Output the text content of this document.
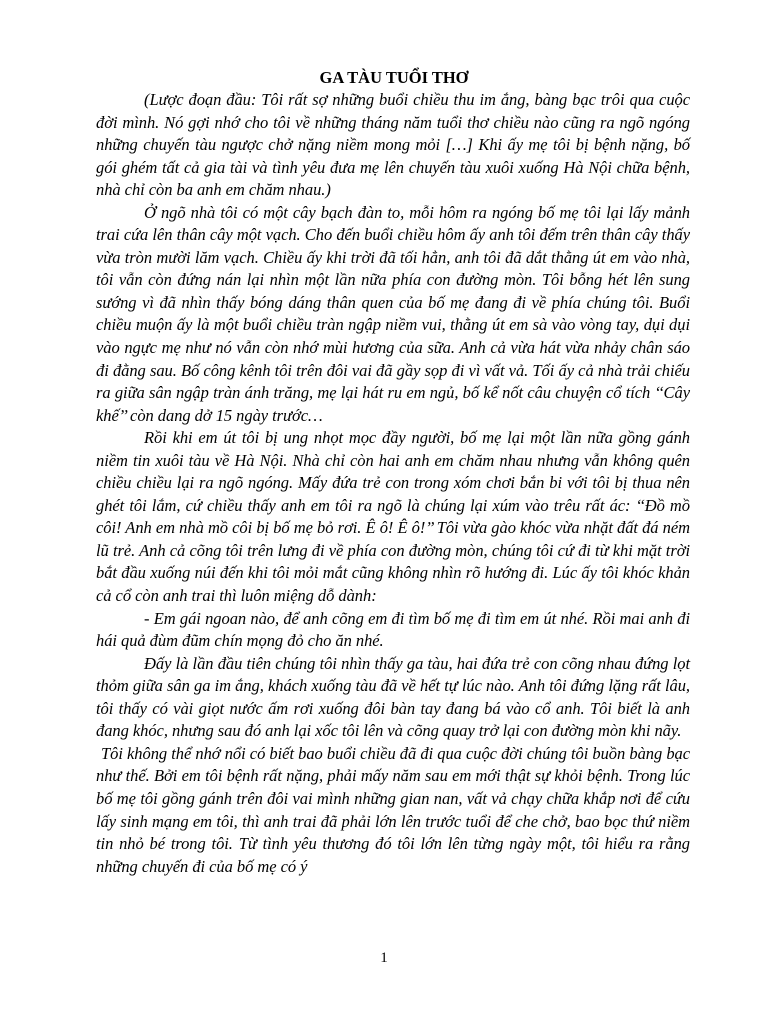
GA TÀU TUỔI THƠ

(Lược đoạn đầu: Tôi rất sợ những buổi chiều thu im ắng, bàng bạc trôi qua cuộc đời mình. Nó gợi nhớ cho tôi về những tháng năm tuổi thơ chiều nào cũng ra ngõ ngóng những chuyến tàu ngược chở nặng niềm mong mỏi […] Khi ấy mẹ tôi bị bệnh nặng, bố gói ghém tất cả gia tài và tình yêu đưa mẹ lên chuyến tàu xuôi xuống Hà Nội chữa bệnh, nhà chỉ còn ba anh em chăm nhau.)

Ở ngõ nhà tôi có một cây bạch đàn to, mỗi hôm ra ngóng bố mẹ tôi lại lấy mảnh trai cứa lên thân cây một vạch. Cho đến buổi chiều hôm ấy anh tôi đếm trên thân cây thấy vừa tròn mười lăm vạch. Chiều ấy khi trời đã tối hẳn, anh tôi đã dắt thằng út em vào nhà, tôi vẫn còn đứng nán lại nhìn một lần nữa phía con đường mòn. Tôi bỗng hét lên sung sướng vì đã nhìn thấy bóng dáng thân quen của bố mẹ đang đi về phía chúng tôi. Buổi chiều muộn ấy là một buổi chiều tràn ngập niềm vui, thằng út em sà vào vòng tay, dụi dụi vào ngực mẹ như nó vẫn còn nhớ mùi hương của sữa. Anh cả vừa hát vừa nhảy chân sáo đi đằng sau. Bố công kênh tôi trên đôi vai đã gầy sọp đi vì vất vả. Tối ấy cả nhà trải chiếu ra giữa sân ngập tràn ánh trăng, mẹ lại hát ru em ngủ, bố kể nốt câu chuyện cổ tích ‘‘Cây khế’’ còn dang dở 15 ngày trước…

Rồi khi em út tôi bị ung nhọt mọc đầy người, bố mẹ lại một lần nữa gồng gánh niềm tin xuôi tàu về Hà Nội. Nhà chỉ còn hai anh em chăm nhau nhưng vẫn không quên chiều chiều lại ra ngõ ngóng. Mấy đứa trẻ con trong xóm chơi bắn bi với tôi bị thua nên ghét tôi lắm, cứ chiều thấy anh em tôi ra ngõ là chúng lại xúm vào trêu rất ác: ‘‘Đồ mồ côi! Anh em nhà mồ côi bị bố mẹ bỏ rơi. Ê ô! Ê ô!’’ Tôi vừa gào khóc vừa nhặt đất đá ném lũ trẻ. Anh cả cõng tôi trên lưng đi về phía con đường mòn, chúng tôi cứ đi từ khi mặt trời bắt đầu xuống núi đến khi tôi mỏi mắt cũng không nhìn rõ hướng đi. Lúc ấy tôi khóc khản cả cổ còn anh trai thì luôn miệng dỗ dành:

- Em gái ngoan nào, để anh cõng em đi tìm bố mẹ đi tìm em út nhé. Rồi mai anh đi hái quả đùm đũm chín mọng đỏ cho ăn nhé.

Đấy là lần đầu tiên chúng tôi nhìn thấy ga tàu, hai đứa trẻ con cõng nhau đứng lọt thỏm giữa sân ga im ắng, khách xuống tàu đã về hết tự lúc nào. Anh tôi đứng lặng rất lâu, tôi thấy có vài giọt nước ấm rơi xuống đôi bàn tay đang bá vào cổ anh. Tôi biết là anh đang khóc, nhưng sau đó anh lại xốc tôi lên và cõng quay trở lại con đường mòn khi nãy.

Tôi không thể nhớ nổi có biết bao buổi chiều đã đi qua cuộc đời chúng tôi buồn bàng bạc như thế. Bởi em tôi bệnh rất nặng, phải mấy năm sau em mới thật sự khỏi bệnh. Trong lúc bố mẹ tôi gồng gánh trên đôi vai mình những gian nan, vất vả chạy chữa khắp nơi để cứu lấy sinh mạng em tôi, thì anh trai đã phải lớn lên trước tuổi để che chở, bao bọc thứ niềm tin nhỏ bé trong tôi. Từ tình yêu thương đó tôi lớn lên từng ngày một, tôi hiểu ra rằng những chuyến đi của bố mẹ có ý

1
